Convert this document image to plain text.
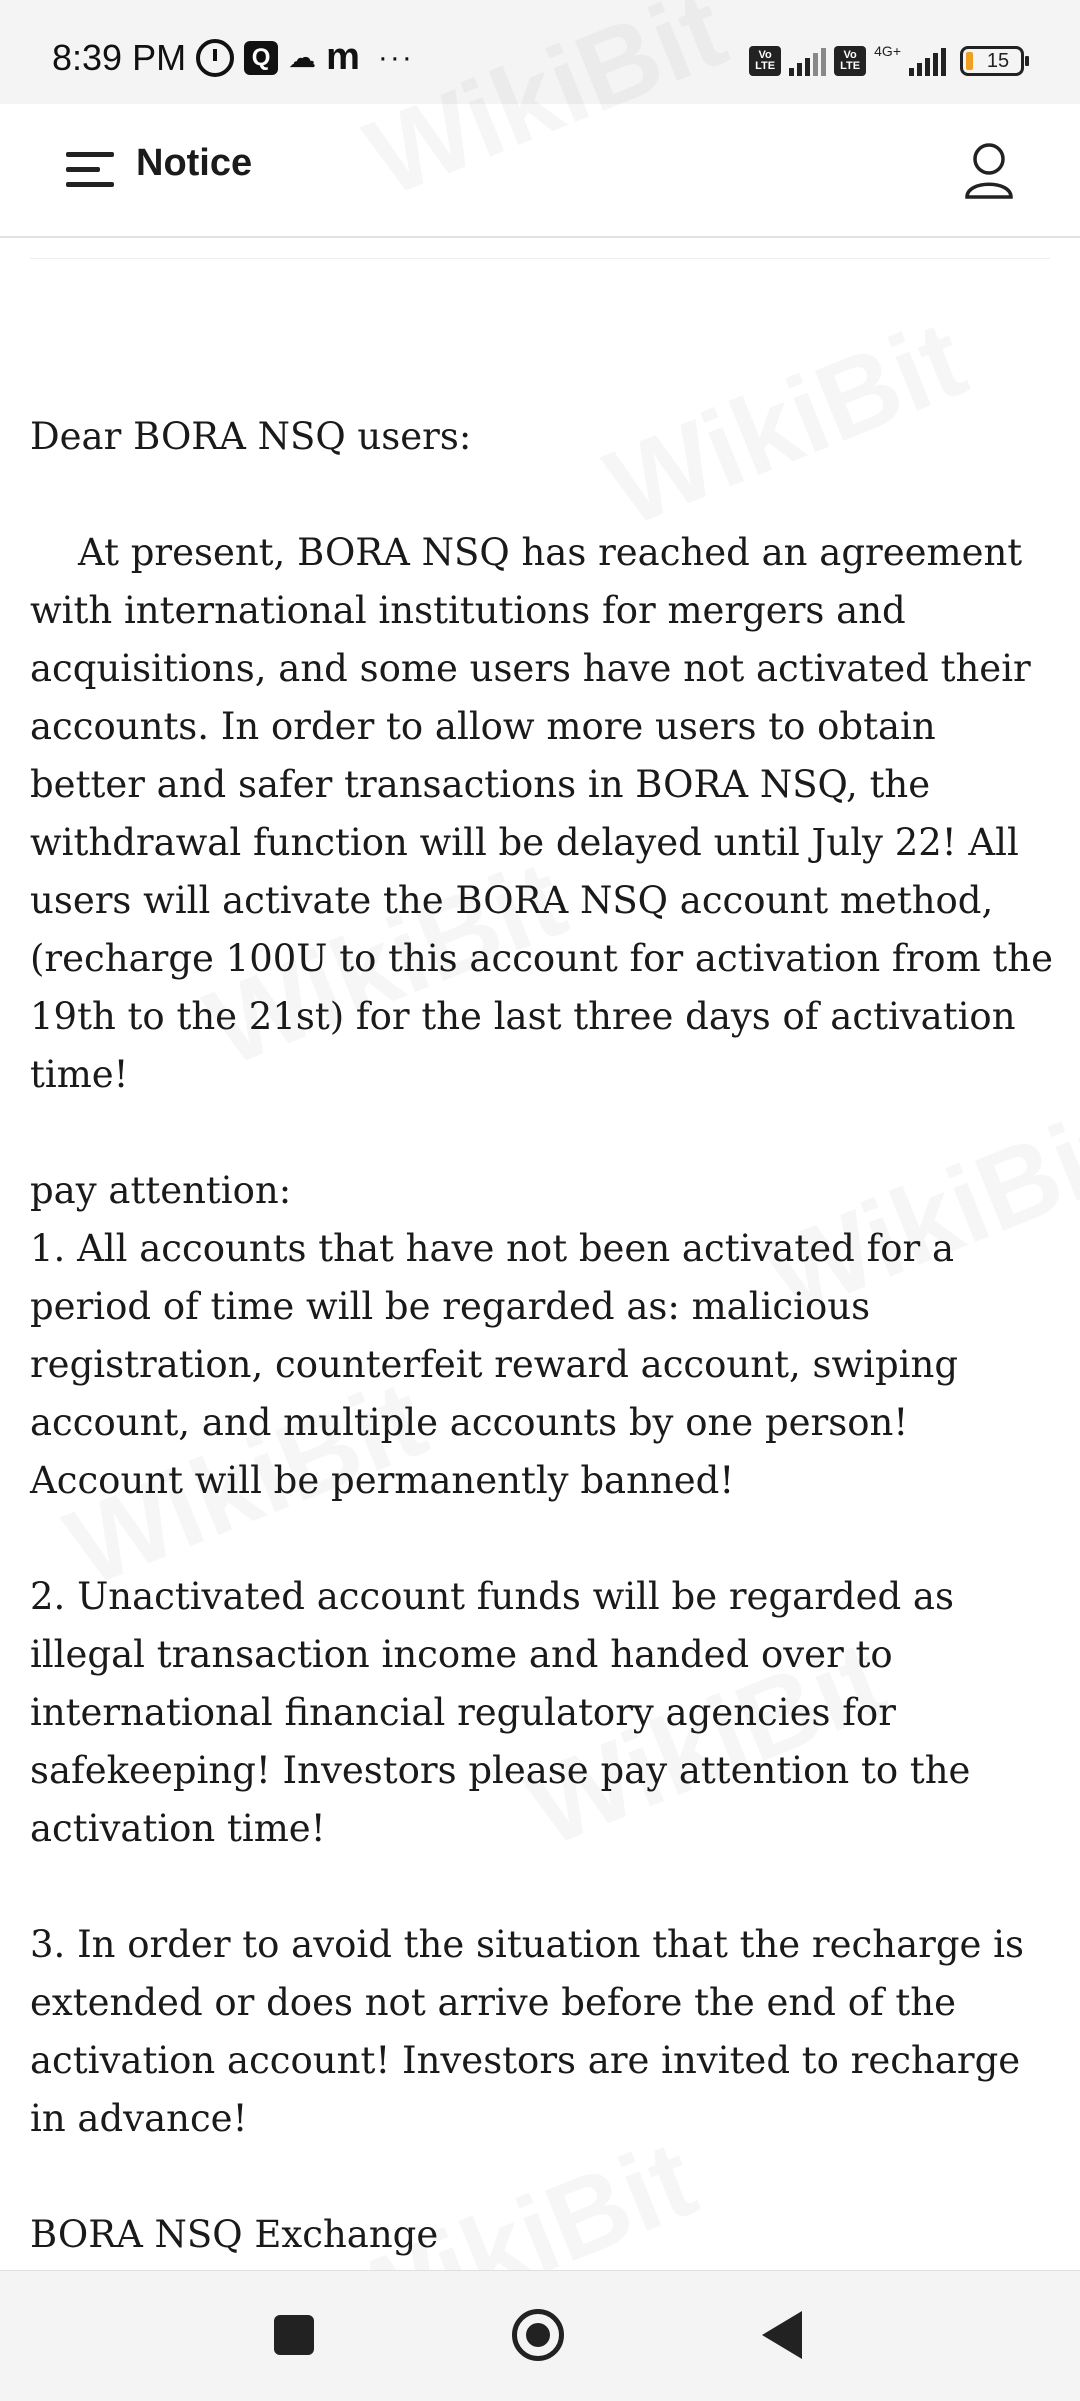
8:39 PM	Q ☁ m ···	Vo
LTE
Vo
LTE
4G+	15
Notice

Dear BORA NSQ users:

At present, BORA NSQ has reached an agreement with international institutions for mergers and acquisitions, and some users have not activated their accounts. In order to allow more users to obtain better and safer transactions in BORA NSQ, the withdrawal function will be delayed until July 22! All users will activate the BORA NSQ account method, (recharge 100U to this account for activation from the 19th to the 21st) for the last three days of activation time!

pay attention:

1. All accounts that have not been activated for a period of time will be regarded as: malicious registration, counterfeit reward account, swiping account, and multiple accounts by one person! Account will be permanently banned!

2. Unactivated account funds will be regarded as illegal transaction income and handed over to international financial regulatory agencies for safekeeping! Investors please pay attention to the activation time!

3. In order to avoid the situation that the recharge is extended or does not arrive before the end of the activation account! Investors are invited to recharge in advance!

BORA NSQ Exchange
